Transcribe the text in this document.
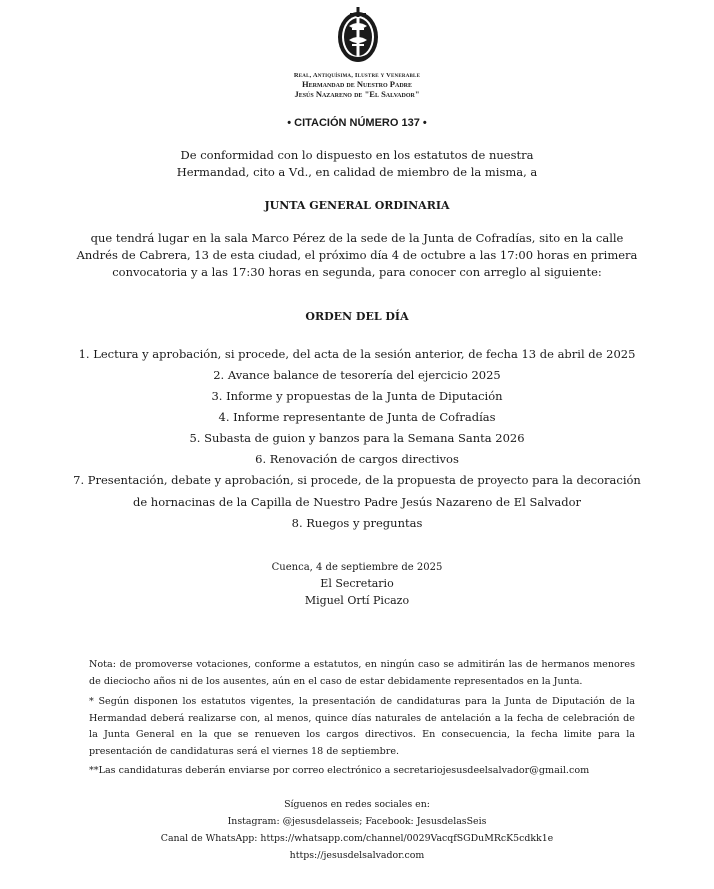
Real, Antiquísima, Ilustre y Venerable
Hermandad de Nuestro Padre
Jesús Nazareno de "El Salvador"
• CITACIÓN NÚMERO 137 •
De conformidad con lo dispuesto en los estatutos de nuestra
Hermandad, cito a Vd., en calidad de miembro de la misma, a
JUNTA GENERAL ORDINARIA
que tendrá lugar en la sala Marco Pérez de la sede de la Junta de Cofradías, sito en la calle
Andrés de Cabrera, 13 de esta ciudad, el próximo día 4 de octubre a las 17:00 horas en primera
convocatoria y a las 17:30 horas en segunda, para conocer con arreglo al siguiente:
ORDEN DEL DÍA
1. Lectura y aprobación, si procede, del acta de la sesión anterior, de fecha 13 de abril de 2025
2. Avance balance de tesorería del ejercicio 2025
3. Informe y propuestas de la Junta de Diputación
4. Informe representante de Junta de Cofradías
5. Subasta de guion y banzos para la Semana Santa 2026
6. Renovación de cargos directivos
7. Presentación, debate y aprobación, si procede, de la propuesta de proyecto para la decoración
de hornacinas de la Capilla de Nuestro Padre Jesús Nazareno de El Salvador
8. Ruegos y preguntas
Cuenca, 4 de septiembre de 2025
El Secretario
Miguel Ortí Picazo
Nota: de promoverse votaciones, conforme a estatutos, en ningún caso se admitirán las de hermanos menores de dieciocho años ni de los ausentes, aún en el caso de estar debidamente representados en la Junta.
* Según disponen los estatutos vigentes, la presentación de candidaturas para la Junta de Diputación de la Hermandad deberá realizarse con, al menos, quince días naturales de antelación a la fecha de celebración de la Junta General en la que se renueven los cargos directivos. En consecuencia, la fecha limite para la presentación de candidaturas será el viernes 18 de septiembre.
**Las candidaturas deberán enviarse por correo electrónico a secretariojesusdeelsalvador@gmail.com
Síguenos en redes sociales en:
Instagram: @jesusdelasseis; Facebook: JesusdelasSeis
Canal de WhatsApp: https://whatsapp.com/channel/0029VacqfSGDuMRcK5cdkk1e
https://jesusdelsalvador.com
